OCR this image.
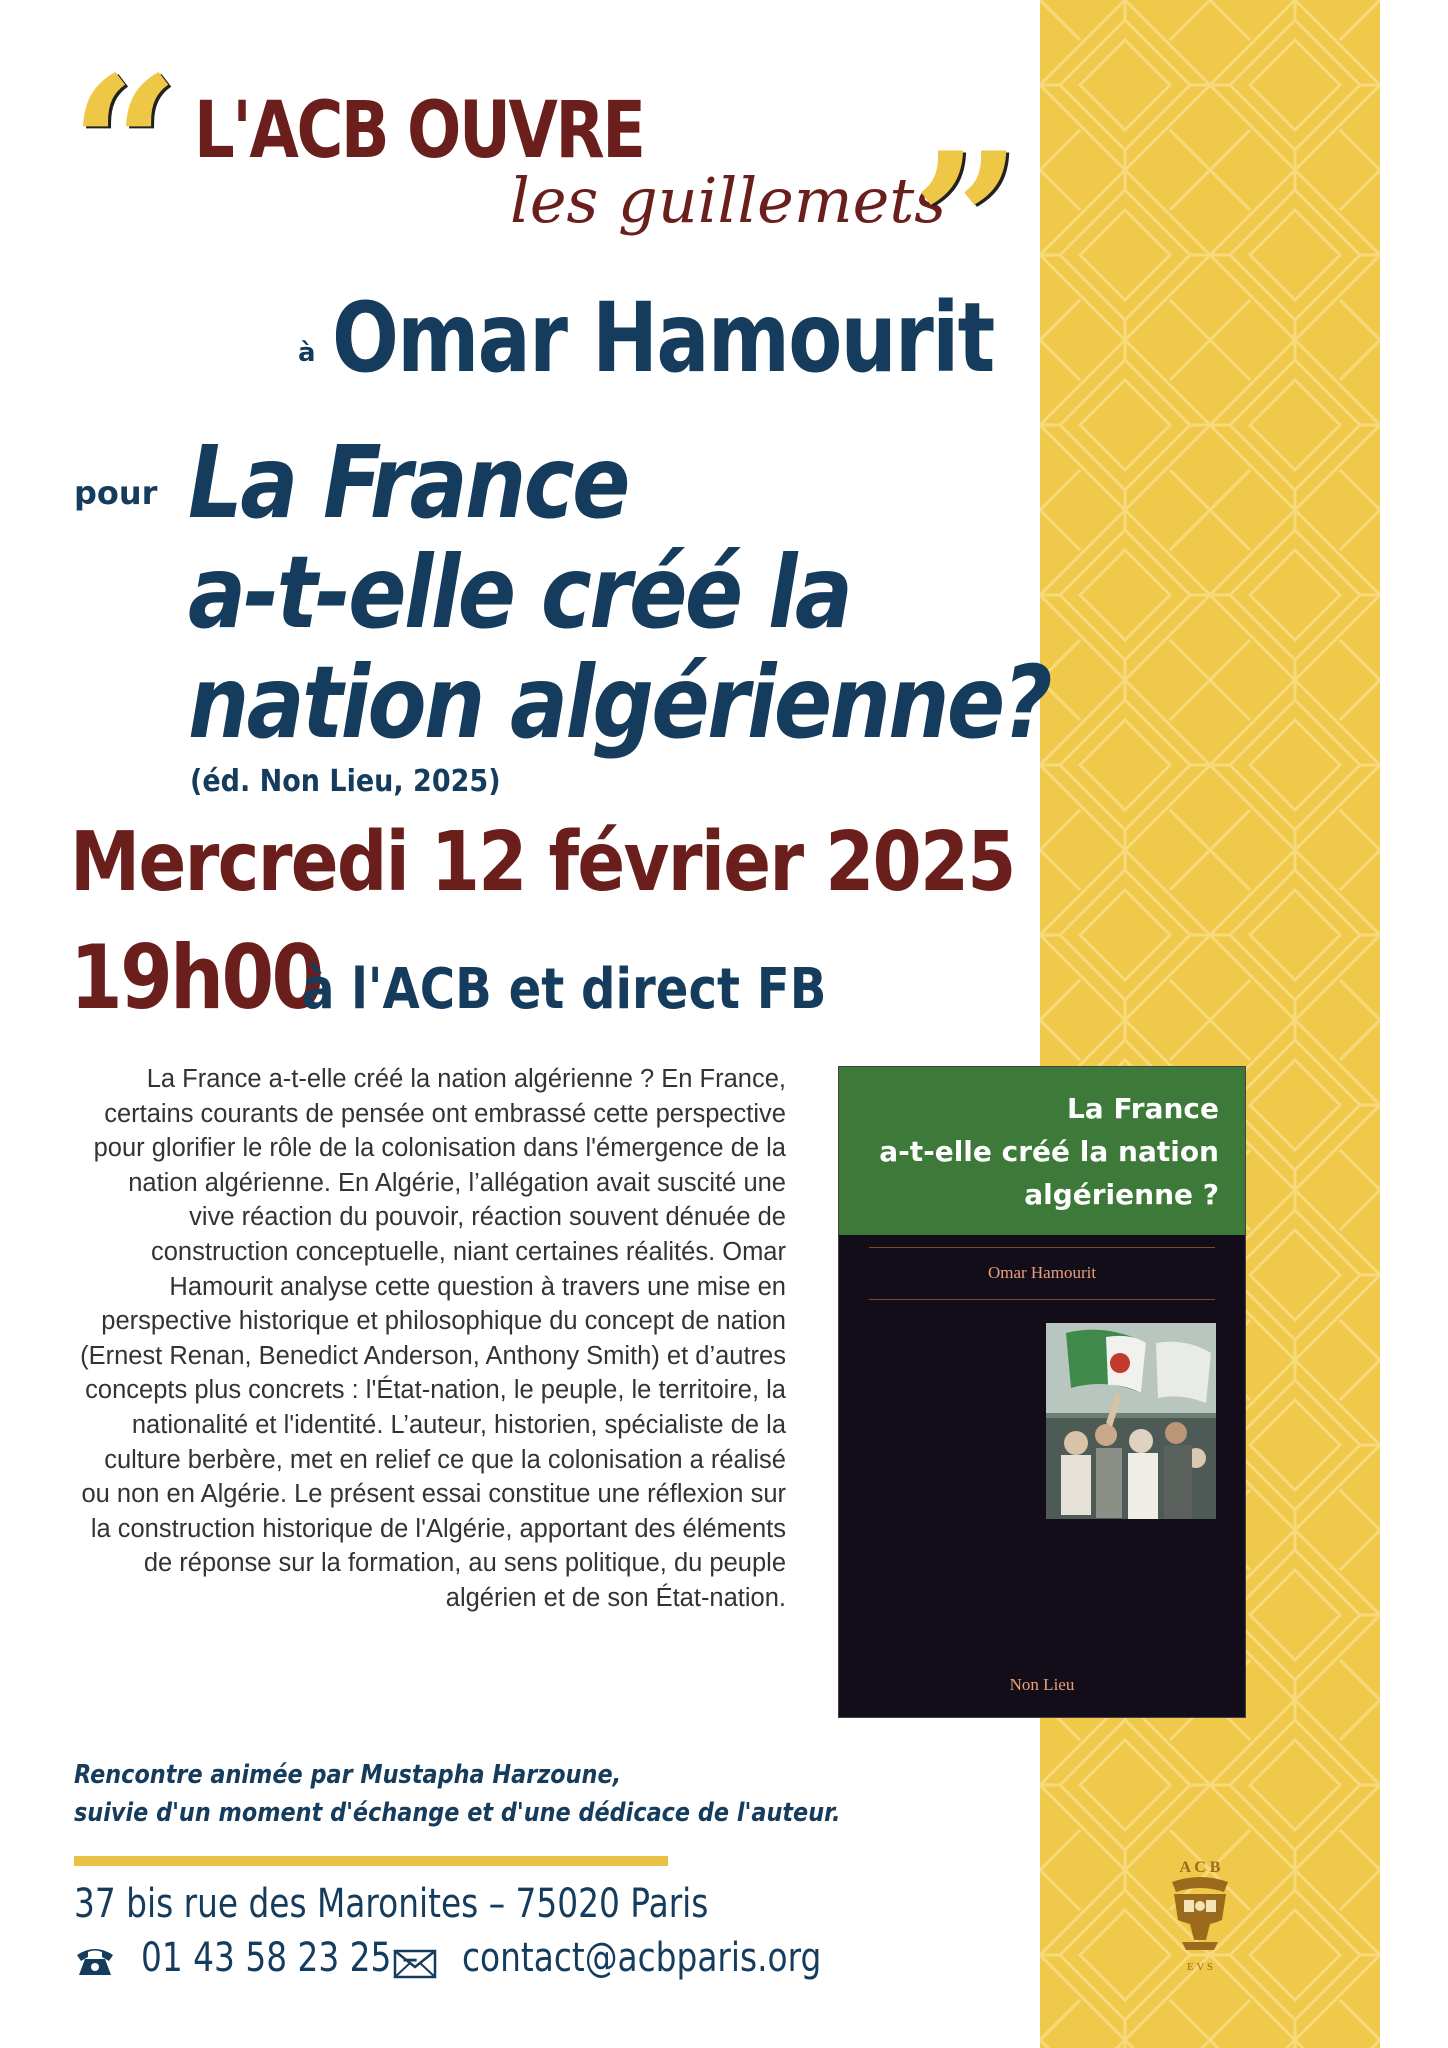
“ L'ACB OUVRE
les guillemets
”
à Omar Hamourit
pour La France
a-t-elle créé la
nation algérienne?
(éd. Non Lieu, 2025)
Mercredi 12 février 2025
19h00
à l'ACB et direct FB
La France a-t-elle créé la nation algérienne ? En France, certains courants de pensée ont embrassé cette perspective pour glorifier le rôle de la colonisation dans l'émergence de la nation algérienne. En Algérie, l’allégation avait suscité une vive réaction du pouvoir, réaction souvent dénuée de construction conceptuelle, niant certaines réalités. Omar Hamourit analyse cette question à travers une mise en perspective historique et philosophique du concept de nation (Ernest Renan, Benedict Anderson, Anthony Smith) et d’autres concepts plus concrets : l'État-nation, le peuple, le territoire, la nationalité et l'identité. L’auteur, historien, spécialiste de la culture berbère, met en relief ce que la colonisation a réalisé ou non en Algérie. Le présent essai constitue une réflexion sur la construction historique de l'Algérie, apportant des éléments de réponse sur la formation, au sens politique, du peuple algérien et de son État-nation.
La France
a-t-elle créé la nation
algérienne ?
Omar Hamourit
Non Lieu
Rencontre animée par Mustapha Harzoune,
suivie d'un moment d'échange et d'une dédicace de l'auteur.
37 bis rue des Maronites – 75020 Paris
01 43 58 23 25 – contact@acbparis.org
A C B
E V S
